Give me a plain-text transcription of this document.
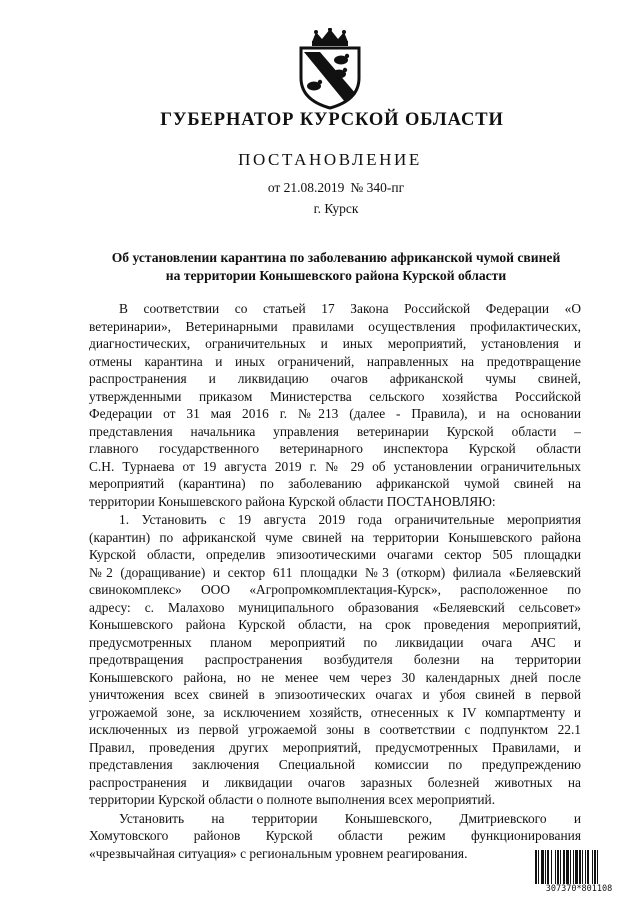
ГУБЕРНАТОР КУРСКОЙ ОБЛАСТИ
ПОСТАНОВЛЕНИЕ
от 21.08.2019 № 340-пг
г. Курск
Об установлении карантина по заболеванию африканской чумой свиней
на территории Конышевского района Курской области

В соответствии со статьей 17 Закона Российской Федерации «О
ветеринарии», Ветеринарными правилами осуществления профилактических,
диагностических, ограничительных и иных мероприятий, установления и
отмены карантина и иных ограничений, направленных на предотвращение
распространения и ликвидацию очагов африканской чумы свиней,
утвержденными приказом Министерства сельского хозяйства Российской
Федерации от 31 мая 2016 г. №213 (далее - Правила), и на основании
представления начальника управления ветеринарии Курской области –
главного государственного ветеринарного инспектора Курской области
С.Н. Турнаева от 19 августа 2019 г. № 29 об установлении ограничительных
мероприятий (карантина) по заболеванию африканской чумой свиней на
территории Конышевского района Курской области ПОСТАНОВЛЯЮ:

1. Установить с 19 августа 2019 года ограничительные мероприятия
(карантин) по африканской чуме свиней на территории Конышевского района
Курской области, определив эпизоотическими очагами сектор 505 площадки
№2 (доращивание) и сектор 611 площадки №3 (откорм) филиала «Беляевский
свинокомплекс» ООО «Агропромкомплектация-Курск», расположенное по
адресу: с. Малахово муниципального образования «Беляевский сельсовет»
Конышевского района Курской области, на срок проведения мероприятий,
предусмотренных планом мероприятий по ликвидации очага АЧС и
предотвращения распространения возбудителя болезни на территории
Конышевского района, но не менее чем через 30 календарных дней после
уничтожения всех свиней в эпизоотических очагах и убоя свиней в первой
угрожаемой зоне, за исключением хозяйств, отнесенных к IV компартменту и
исключенных из первой угрожаемой зоны в соответствии с подпунктом 22.1
Правил, проведения других мероприятий, предусмотренных Правилами, и
представления заключения Специальной комиссии по предупреждению
распространения и ликвидации очагов заразных болезней животных на
территории Курской области о полноте выполнения всех мероприятий.

Установить на территории Конышевского, Дмитриевского и
Хомутовского районов Курской области режим функционирования
«чрезвычайная ситуация» с региональным уровнем реагирования.

307370*801108
